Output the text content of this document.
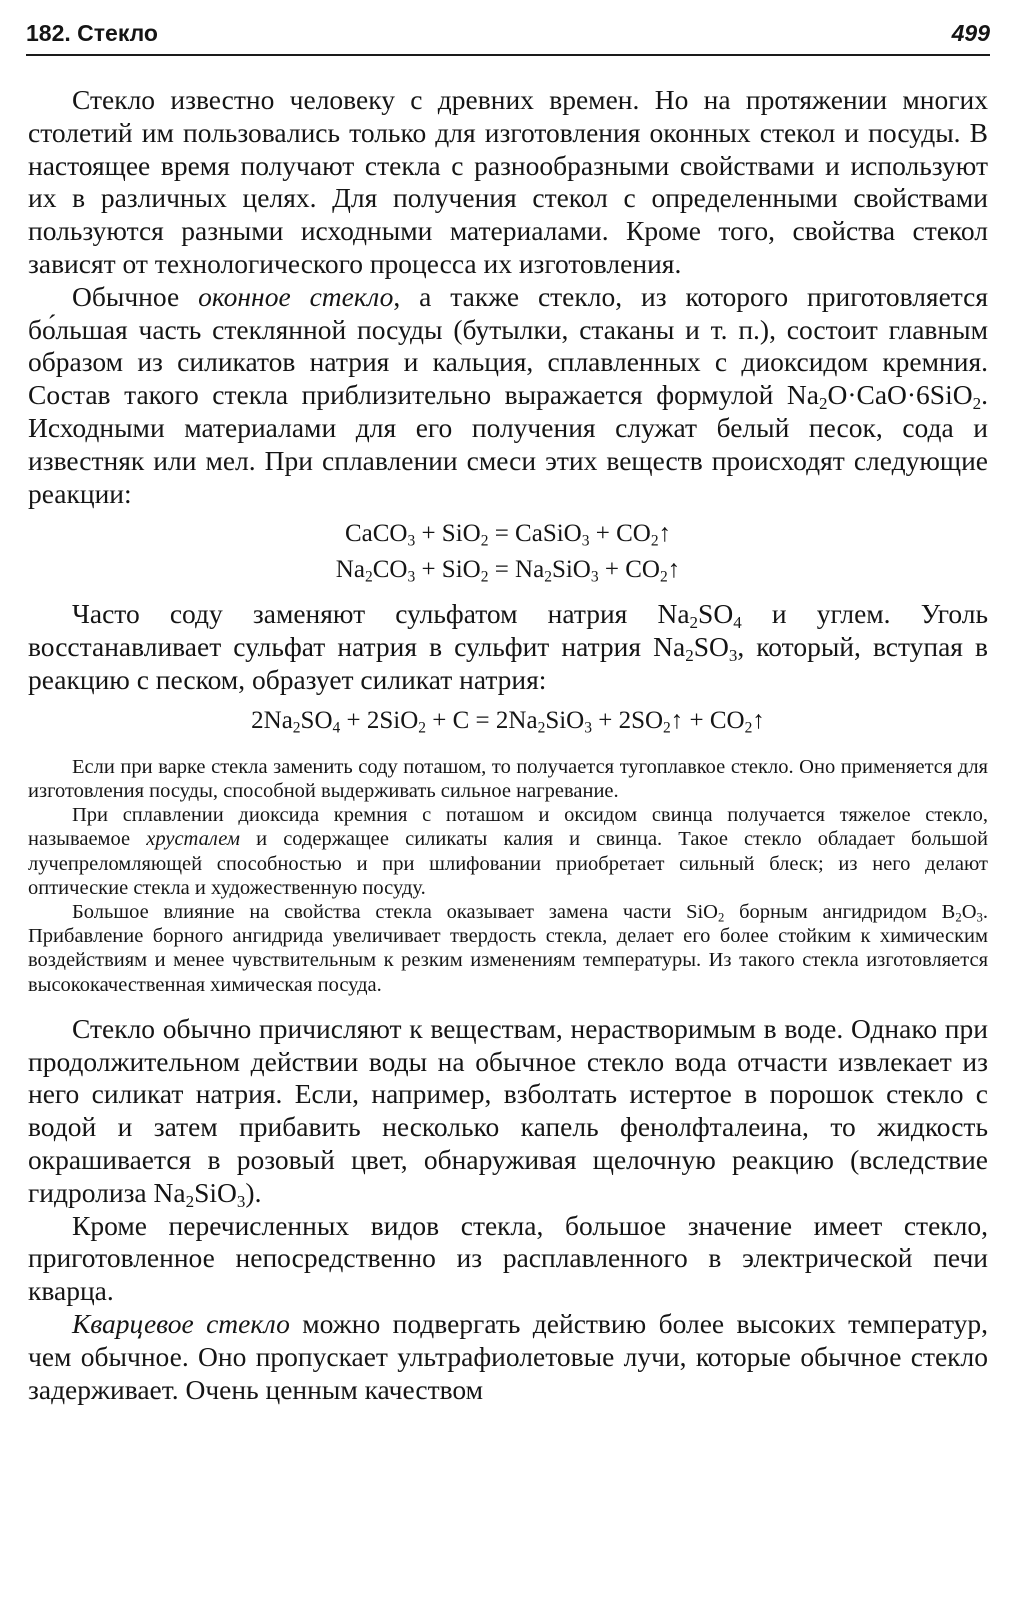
182. Стекло	499

Стекло известно человеку с древних времен. Но на протяжении многих столетий им пользовались только для изготовления оконных стекол и посуды. В настоящее время получают стекла с разнообразными свойствами и используют их в различных целях. Для получения стекол с определенными свойствами пользуются разными исходными материалами. Кроме того, свойства стекол зависят от технологического процесса их изготовления.

Обычное оконное стекло, а также стекло, из которого приготовляется бо́льшая часть стеклянной посуды (бутылки, стаканы и т. п.), состоит главным образом из силикатов натрия и кальция, сплавленных с диоксидом кремния. Состав такого стекла приблизительно выражается формулой $Na_2O\cdot CaO\cdot 6SiO_2$. Исходными материалами для его получения служат белый песок, сода и известняк или мел. При сплавлении смеси этих веществ происходят следующие реакции:

CaCO$_3$ + SiO$_2$ = CaSiO$_3$ + $CO_2↑$

$Na_2CO_3 + SiO_2 = Na_2SiO_3$ + $CO_2↑$

Часто соду заменяют сульфатом натрия $Na_2SO_4$ и углем. Уголь восстанавливает сульфат натрия в сульфит натрия $Na_2SO_3$, который, вступая в реакцию с песком, образует силикат натрия:

$2Na_2SO_4 + 2SiO_2 + C = 2Na_2SiO_3$ + $2SO_2↑$ + $CO_2↑$

Если при варке стекла заменить соду поташом, то получается тугоплавкое стекло. Оно применяется для изготовления посуды, способной выдерживать сильное нагревание.

При сплавлении диоксида кремния с поташом и оксидом свинца получается тяжелое стекло, называемое хрусталем и содержащее силикаты калия и свинца. Такое стекло обладает большой лучепреломляющей способностью и при шлифовании приобретает сильный блеск; из него делают оптические стекла и художественную посуду.

Большое влияние на свойства стекла оказывает замена части SiO$_2$ борным ангидридом $B_2O_3$. Прибавление борного ангидрида увеличивает твердость стекла, делает его более стойким к химическим воздействиям и менее чувствительным к резким изменениям температуры. Из такого стекла изготовляется высококачественная химическая посуда.

Стекло обычно причисляют к веществам, нерастворимым в воде. Однако при продолжительном действии воды на обычное стекло вода отчасти извлекает из него силикат натрия. Если, например, взболтать истертое в порошок стекло с водой и затем прибавить несколько капель фенолфталеина, то жидкость окрашивается в розовый цвет, обнаруживая щелочную реакцию (вследствие гидролиза $Na_2SiO_3$).

Кроме перечисленных видов стекла, большое значение имеет стекло, приготовленное непосредственно из расплавленного в электрической печи кварца.

Кварцевое стекло можно подвергать действию более высоких температур, чем обычное. Оно пропускает ультрафиолетовые лучи, которые обычное стекло задерживает. Очень ценным качеством
